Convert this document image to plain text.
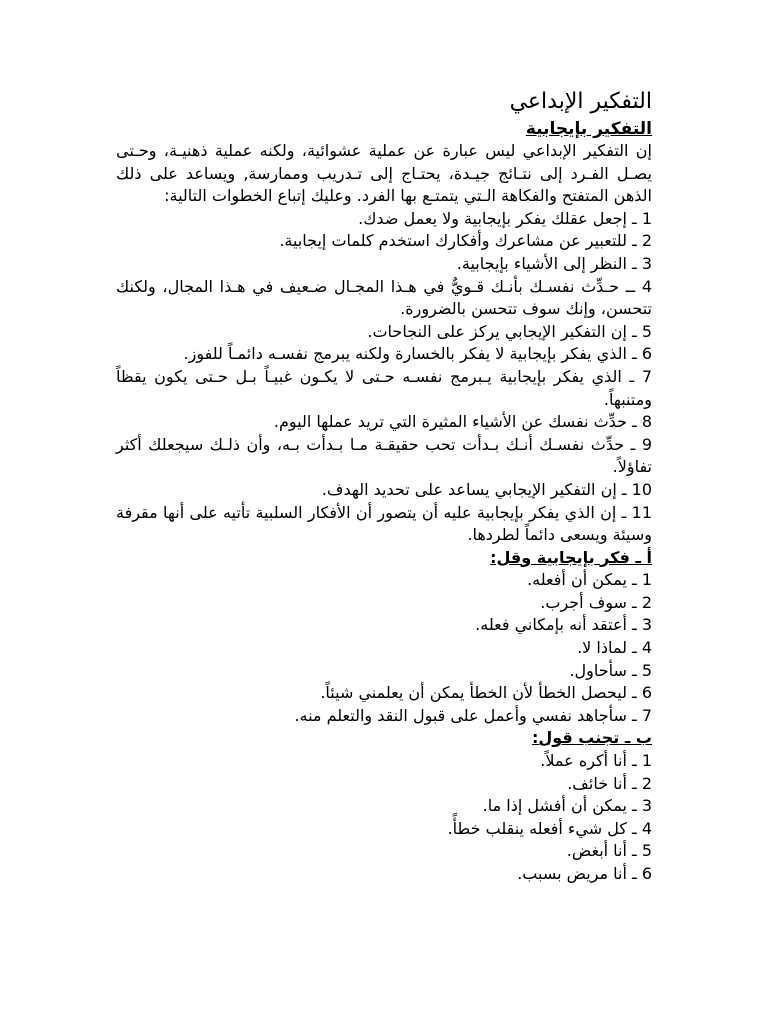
التفكير الإبداعي
التفكير بإيجابية

إن التفكير الإبداعي ليس عبارة عن عملية عشوائية، ولكنه عملية ذهنيـة، وحـتى يصـل الفـرد إلى نتـائج جيـدة، يحتـاج إلى تـدريب وممارسة, ويساعد على ذلك الذهن المتفتح والفكاهة الـتي يتمتـع بها الفرد. وعليك إتباع الخطوات التالية:

1 ـ إجعل عقلك يفكر بإيجابية ولا يعمل ضدك.
2 ـ للتعبير عن مشاعرك وأفكارك استخدم كلمات إيجابية.
3 ـ النظر إلى الأشياء بإيجابية.
4 ــ حـدِّث نفسـك بأنـك قـويٌّ في هـذا المجـال ضـعيف في هـذا المجال، ولكنك تتحسن، وإنك سوف تتحسن بالضرورة.
5 ـ إن التفكير الإيجابي يركز على النجاحات.
6 ـ الذي يفكر بإيجابية لا يفكر بالخسارة ولكنه يبرمج نفسـه دائمـاً للفوز.
7 ـ الذي يفكر بإيجابية يـبرمج نفسـه حـتى لا يكـون غبيـاً بـل حـتى يكون يقظاً ومتنبهاً.
8 ـ حدِّث نفسك عن الأشياء المثيرة التي تريد عملها اليوم.
9 ـ حدِّث نفسـك أنـك بـدأت تحب حقيقـة مـا بـدأت بـه، وأن ذلـك سيجعلك أكثر تفاؤلاً.
10 ـ إن التفكير الإيجابي يساعد على تحديد الهدف.
11 ـ إن الذي يفكر بإيجابية عليه أن يتصور أن الأفكار السلبية تأتيه على أنها مقرفة وسيئة ويسعى دائماً لطردها.
أ ـ فكر بإيجابية وقل:
1 ـ يمكن أن أفعله.
2 ـ سوف أجرب.
3 ـ أعتقد أنه بإمكاني فعله.
4 ـ لماذا لا.
5 ـ سأحاول.
6 ـ ليحصل الخطأ لأن الخطأ يمكن أن يعلمني شيئاً.
7 ـ سأجاهد نفسي وأعمل على قبول النقد والتعلم منه.
ب ـ تجنب قول:
1 ـ أنا أكره عملاً.
2 ـ أنا خائف.
3 ـ يمكن أن أفشل إذا ما.
4 ـ كل شيء أفعله ينقلب خطأً.
5 ـ أنا أبغض.
6 ـ أنا مريض بسبب.
